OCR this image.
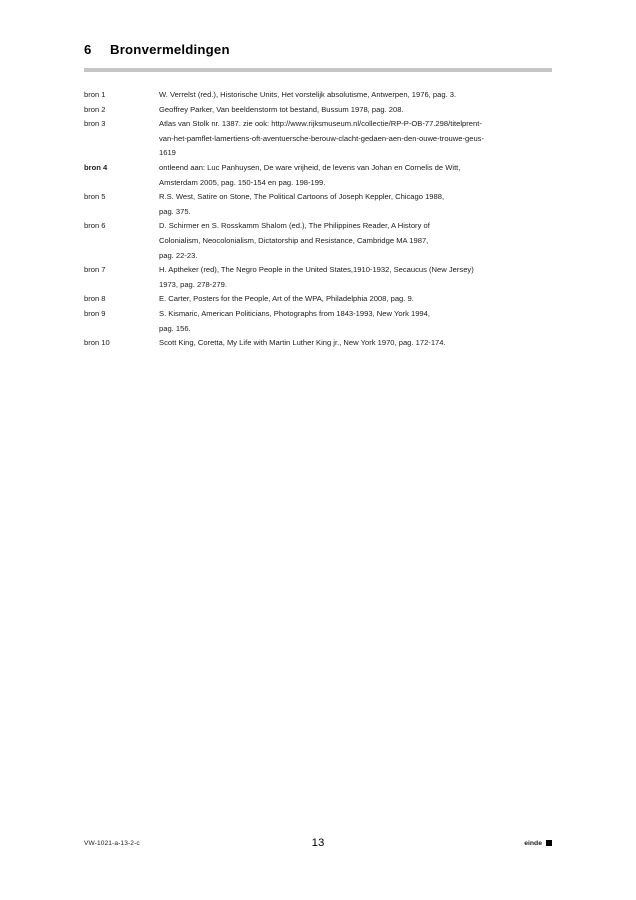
6	Bronvermeldingen
bron 1	W. Verrelst (red.), Historische Units, Het vorstelijk absolutisme, Antwerpen, 1976, pag. 3.
bron 2	Geoffrey Parker, Van beeldenstorm tot bestand, Bussum 1978, pag. 208.
bron 3	Atlas van Stolk nr. 1387. zie ook: http://www.rijksmuseum.nl/collectie/RP-P-OB-77.298/titelprent-
van-het-pamflet-lamertiens-oft-aventuersche-berouw-clacht-gedaen-aen-den-ouwe-trouwe-geus-
1619
bron 4	ontleend aan: Luc Panhuysen, De ware vrijheid, de levens van Johan en Cornelis de Witt,
Amsterdam 2005, pag. 150-154 en pag. 198-199.
bron 5	R.S. West, Satire on Stone, The Political Cartoons of Joseph Keppler, Chicago 1988,
pag. 375.
bron 6	D. Schirmer en S. Rosskamm Shalom (ed.), The Philippines Reader, A History of
Colonialism, Neocolonialism, Dictatorship and Resistance, Cambridge MA 1987,
pag. 22-23.
bron 7	H. Aptheker (red), The Negro People in the United States,1910-1932, Secaucus (New Jersey)
1973, pag. 278-279.
bron 8	E. Carter, Posters for the People, Art of the WPA, Philadelphia 2008, pag. 9.
bron 9	S. Kismaric, American Politicians, Photographs from 1843-1993, New York 1994,
pag. 156.
bron 10	Scott King, Coretta, My Life with Martin Luther King jr., New York 1970, pag. 172-174.
VW-1021-a-13-2-c	13	einde
